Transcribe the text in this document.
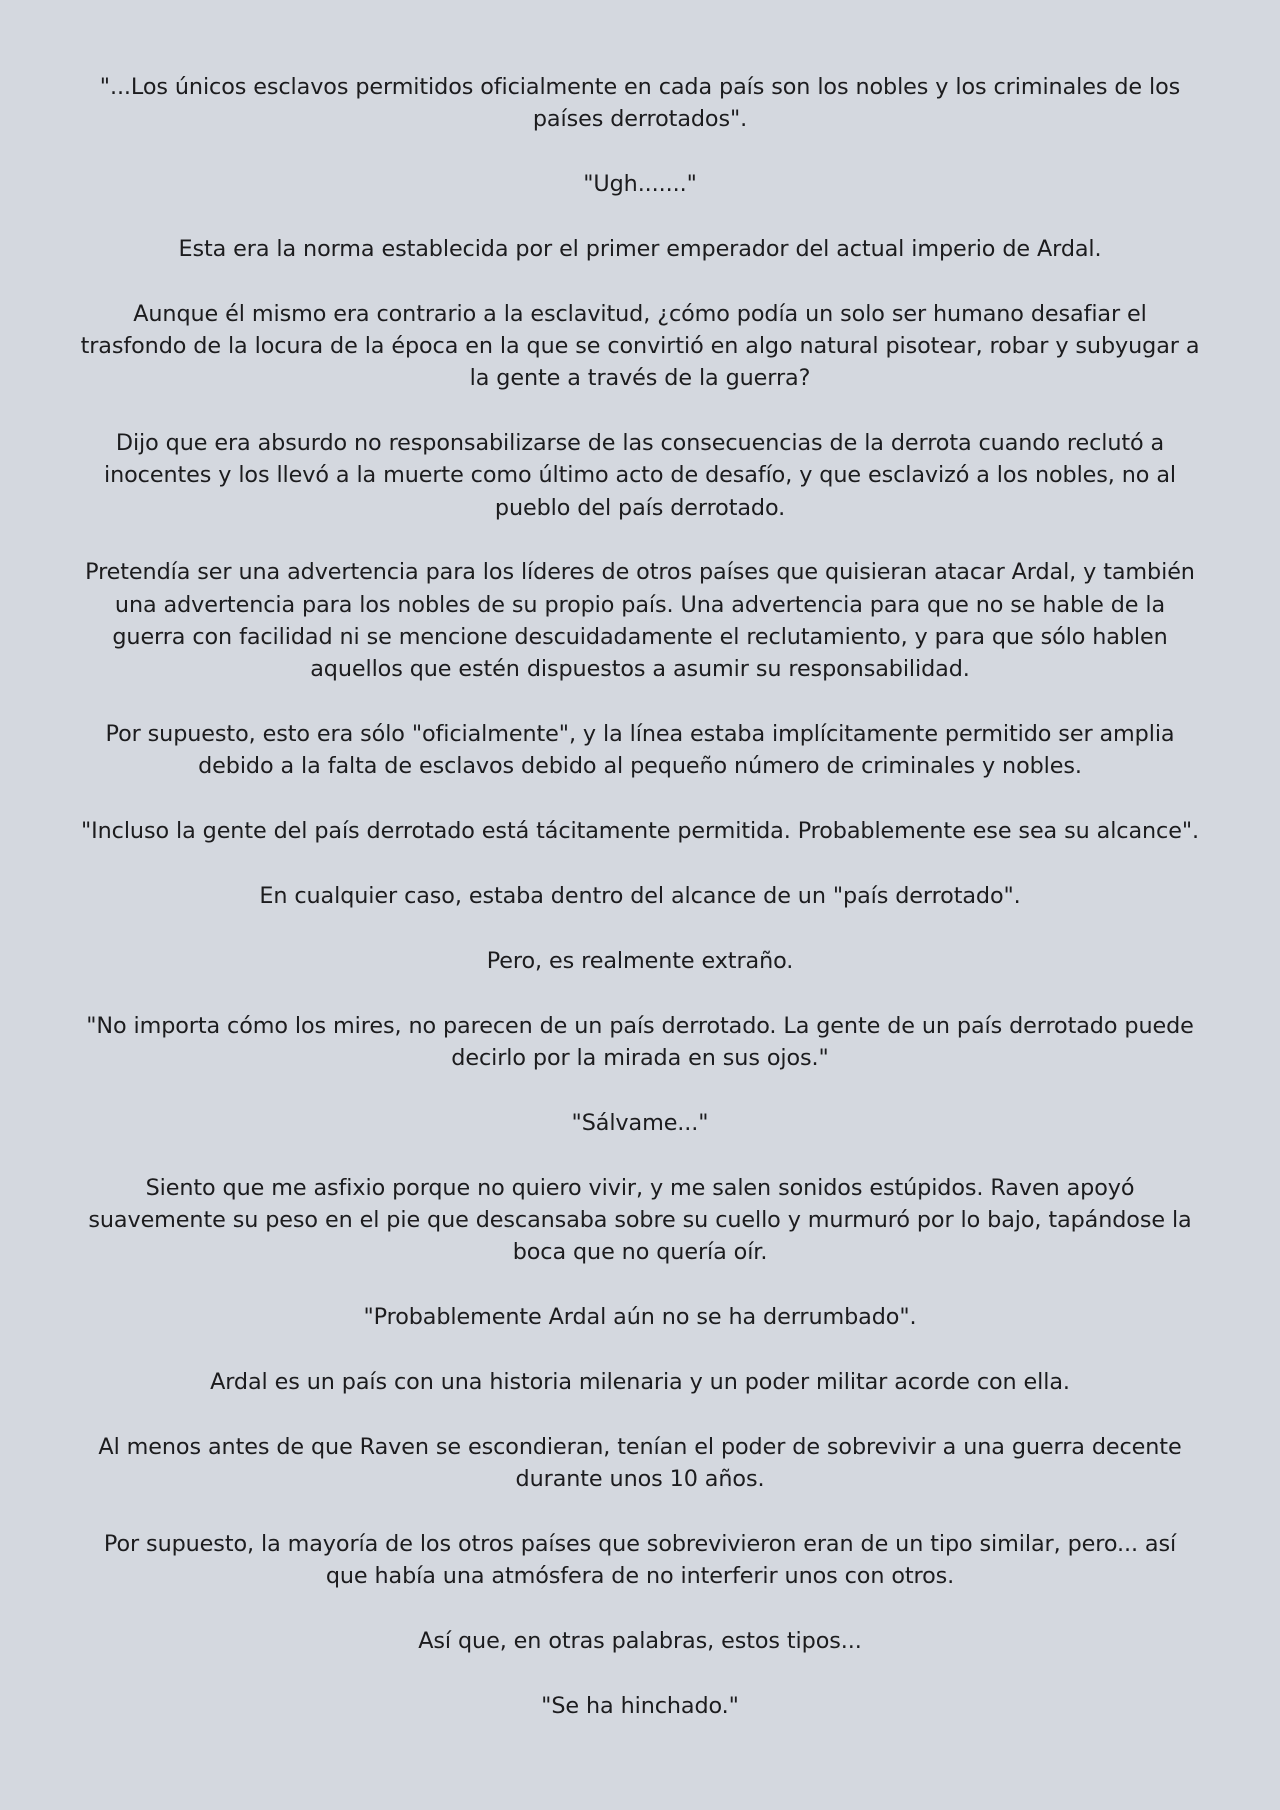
"...Los únicos esclavos permitidos oficialmente en cada país son los nobles y los criminales de los países derrotados".

"Ugh......."

Esta era la norma establecida por el primer emperador del actual imperio de Ardal.

Aunque él mismo era contrario a la esclavitud, ¿cómo podía un solo ser humano desafiar el trasfondo de la locura de la época en la que se convirtió en algo natural pisotear, robar y subyugar a la gente a través de la guerra?

Dijo que era absurdo no responsabilizarse de las consecuencias de la derrota cuando reclutó a inocentes y los llevó a la muerte como último acto de desafío, y que esclavizó a los nobles, no al pueblo del país derrotado.

Pretendía ser una advertencia para los líderes de otros países que quisieran atacar Ardal, y también una advertencia para los nobles de su propio país. Una advertencia para que no se hable de la guerra con facilidad ni se mencione descuidadamente el reclutamiento, y para que sólo hablen aquellos que estén dispuestos a asumir su responsabilidad.

Por supuesto, esto era sólo "oficialmente", y la línea estaba implícitamente permitido ser amplia debido a la falta de esclavos debido al pequeño número de criminales y nobles.

"Incluso la gente del país derrotado está tácitamente permitida. Probablemente ese sea su alcance".

En cualquier caso, estaba dentro del alcance de un "país derrotado".

Pero, es realmente extraño.

"No importa cómo los mires, no parecen de un país derrotado. La gente de un país derrotado puede decirlo por la mirada en sus ojos."

"Sálvame..."

Siento que me asfixio porque no quiero vivir, y me salen sonidos estúpidos. Raven apoyó suavemente su peso en el pie que descansaba sobre su cuello y murmuró por lo bajo, tapándose la boca que no quería oír.

"Probablemente Ardal aún no se ha derrumbado".

Ardal es un país con una historia milenaria y un poder militar acorde con ella.

Al menos antes de que Raven se escondieran, tenían el poder de sobrevivir a una guerra decente durante unos 10 años.

Por supuesto, la mayoría de los otros países que sobrevivieron eran de un tipo similar, pero... así que había una atmósfera de no interferir unos con otros.

Así que, en otras palabras, estos tipos...

"Se ha hinchado."
